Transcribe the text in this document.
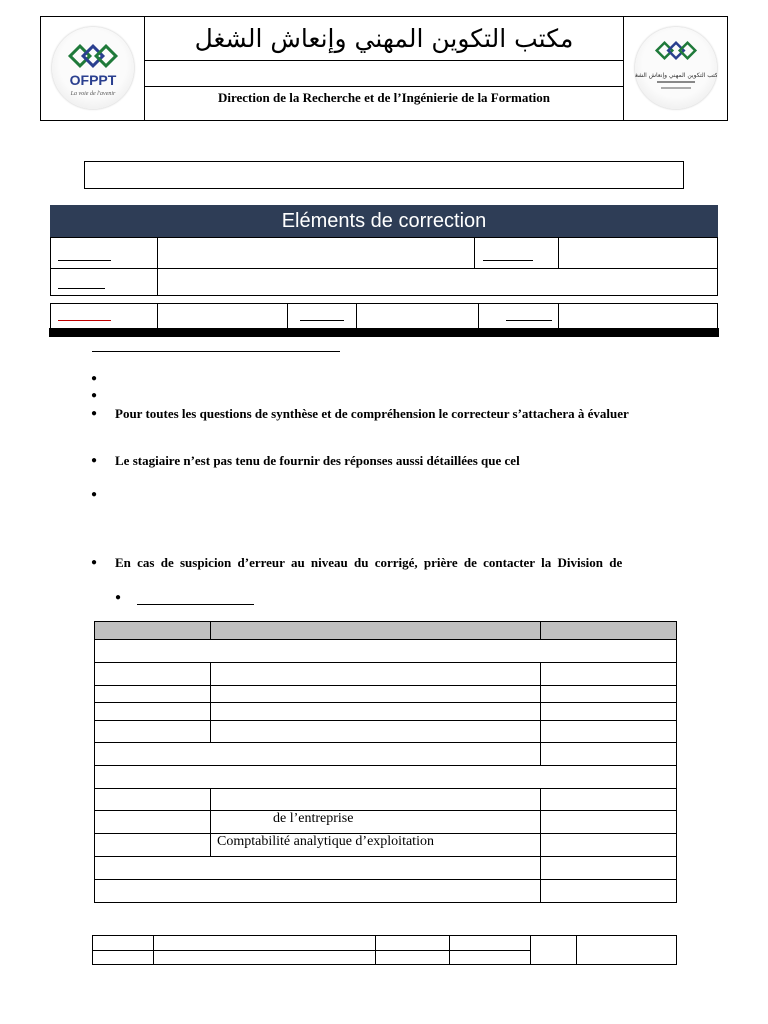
OFPPT
La voie de l'avenir
مكتب التكوين المهني وإنعاش الشغل
Direction de la Recherche et de l’Ingénierie de la Formation
مكتب التكوين المهني وإنعاش الشغل
Eléments de correction
●
●
● Pour toutes les questions de synthèse et de compréhension le correcteur s’attachera à évaluer
● Le stagiaire n’est pas tenu de fournir des réponses aussi détaillées que cel
●
● En cas de suspicion d’erreur au niveau du corrigé, prière de contacter la Division de
●
de l’entreprise
Comptabilité analytique d’exploitation
